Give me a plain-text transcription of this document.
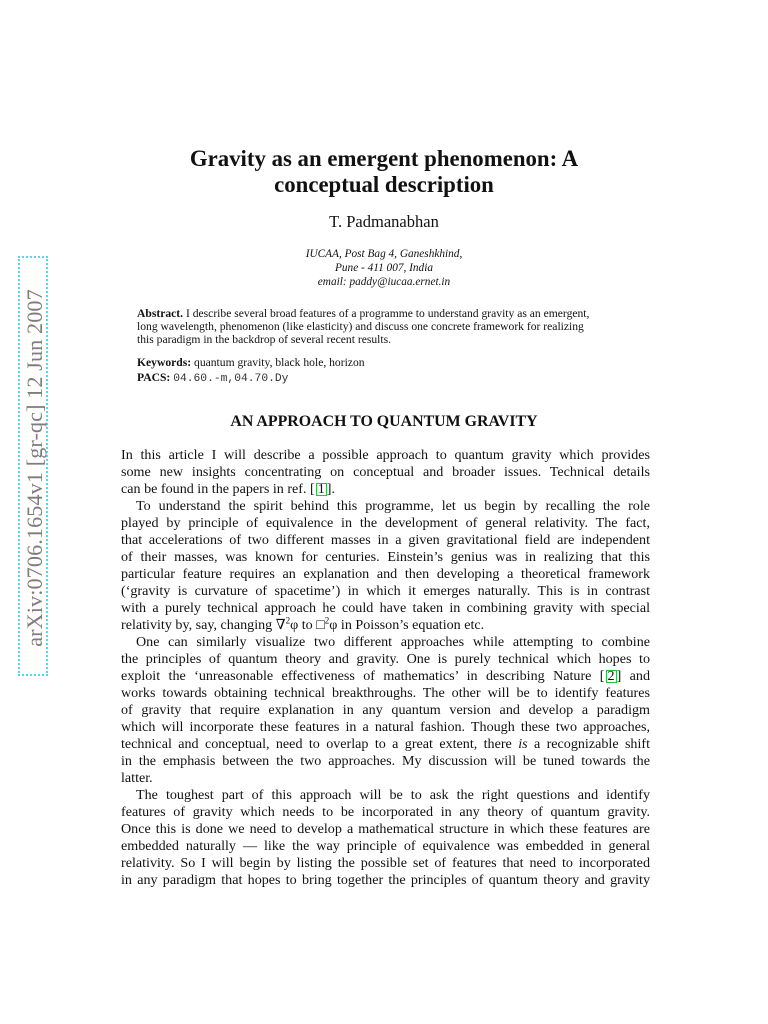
arXiv:0706.1654v1 [gr-qc] 12 Jun 2007
Gravity as an emergent phenomenon: A
conceptual description
T. Padmanabhan
IUCAA, Post Bag 4, Ganeshkhind,
Pune - 411 007, India
email: paddy@iucaa.ernet.in
Abstract. I describe several broad features of a programme to understand gravity as an emergent,
long wavelength, phenomenon (like elasticity) and discuss one concrete framework for realizing
this paradigm in the backdrop of several recent results.
Keywords: quantum gravity, black hole, horizon
PACS: 04.60.-m,04.70.Dy
AN APPROACH TO QUANTUM GRAVITY
In this article I will describe a possible approach to quantum gravity which provides
some new insights concentrating on conceptual and broader issues. Technical details
can be found in the papers in ref. [ 1 ].
To understand the spirit behind this programme, let us begin by recalling the role
played by principle of equivalence in the development of general relativity. The fact,
that accelerations of two different masses in a given gravitational field are independent
of their masses, was known for centuries. Einstein’s genius was in realizing that this
particular feature requires an explanation and then developing a theoretical framework
(‘gravity is curvature of spacetime’) in which it emerges naturally. This is in contrast
with a purely technical approach he could have taken in combining gravity with special
relativity by, say, changing ∇$^2$φ to □$^2$φ in Poisson’s equation etc.
One can similarly visualize two different approaches while attempting to combine
the principles of quantum theory and gravity. One is purely technical which hopes to
exploit the ‘unreasonable effectiveness of mathematics’ in describing Nature [ 2 ] and
works towards obtaining technical breakthroughs. The other will be to identify features
of gravity that require explanation in any quantum version and develop a paradigm
which will incorporate these features in a natural fashion. Though these two approaches,
technical and conceptual, need to overlap to a great extent, there is a recognizable shift
in the emphasis between the two approaches. My discussion will be tuned towards the
latter.
The toughest part of this approach will be to ask the right questions and identify
features of gravity which needs to be incorporated in any theory of quantum gravity.
Once this is done we need to develop a mathematical structure in which these features are
embedded naturally — like the way principle of equivalence was embedded in general
relativity. So I will begin by listing the possible set of features that need to incorporated
in any paradigm that hopes to bring together the principles of quantum theory and gravity
